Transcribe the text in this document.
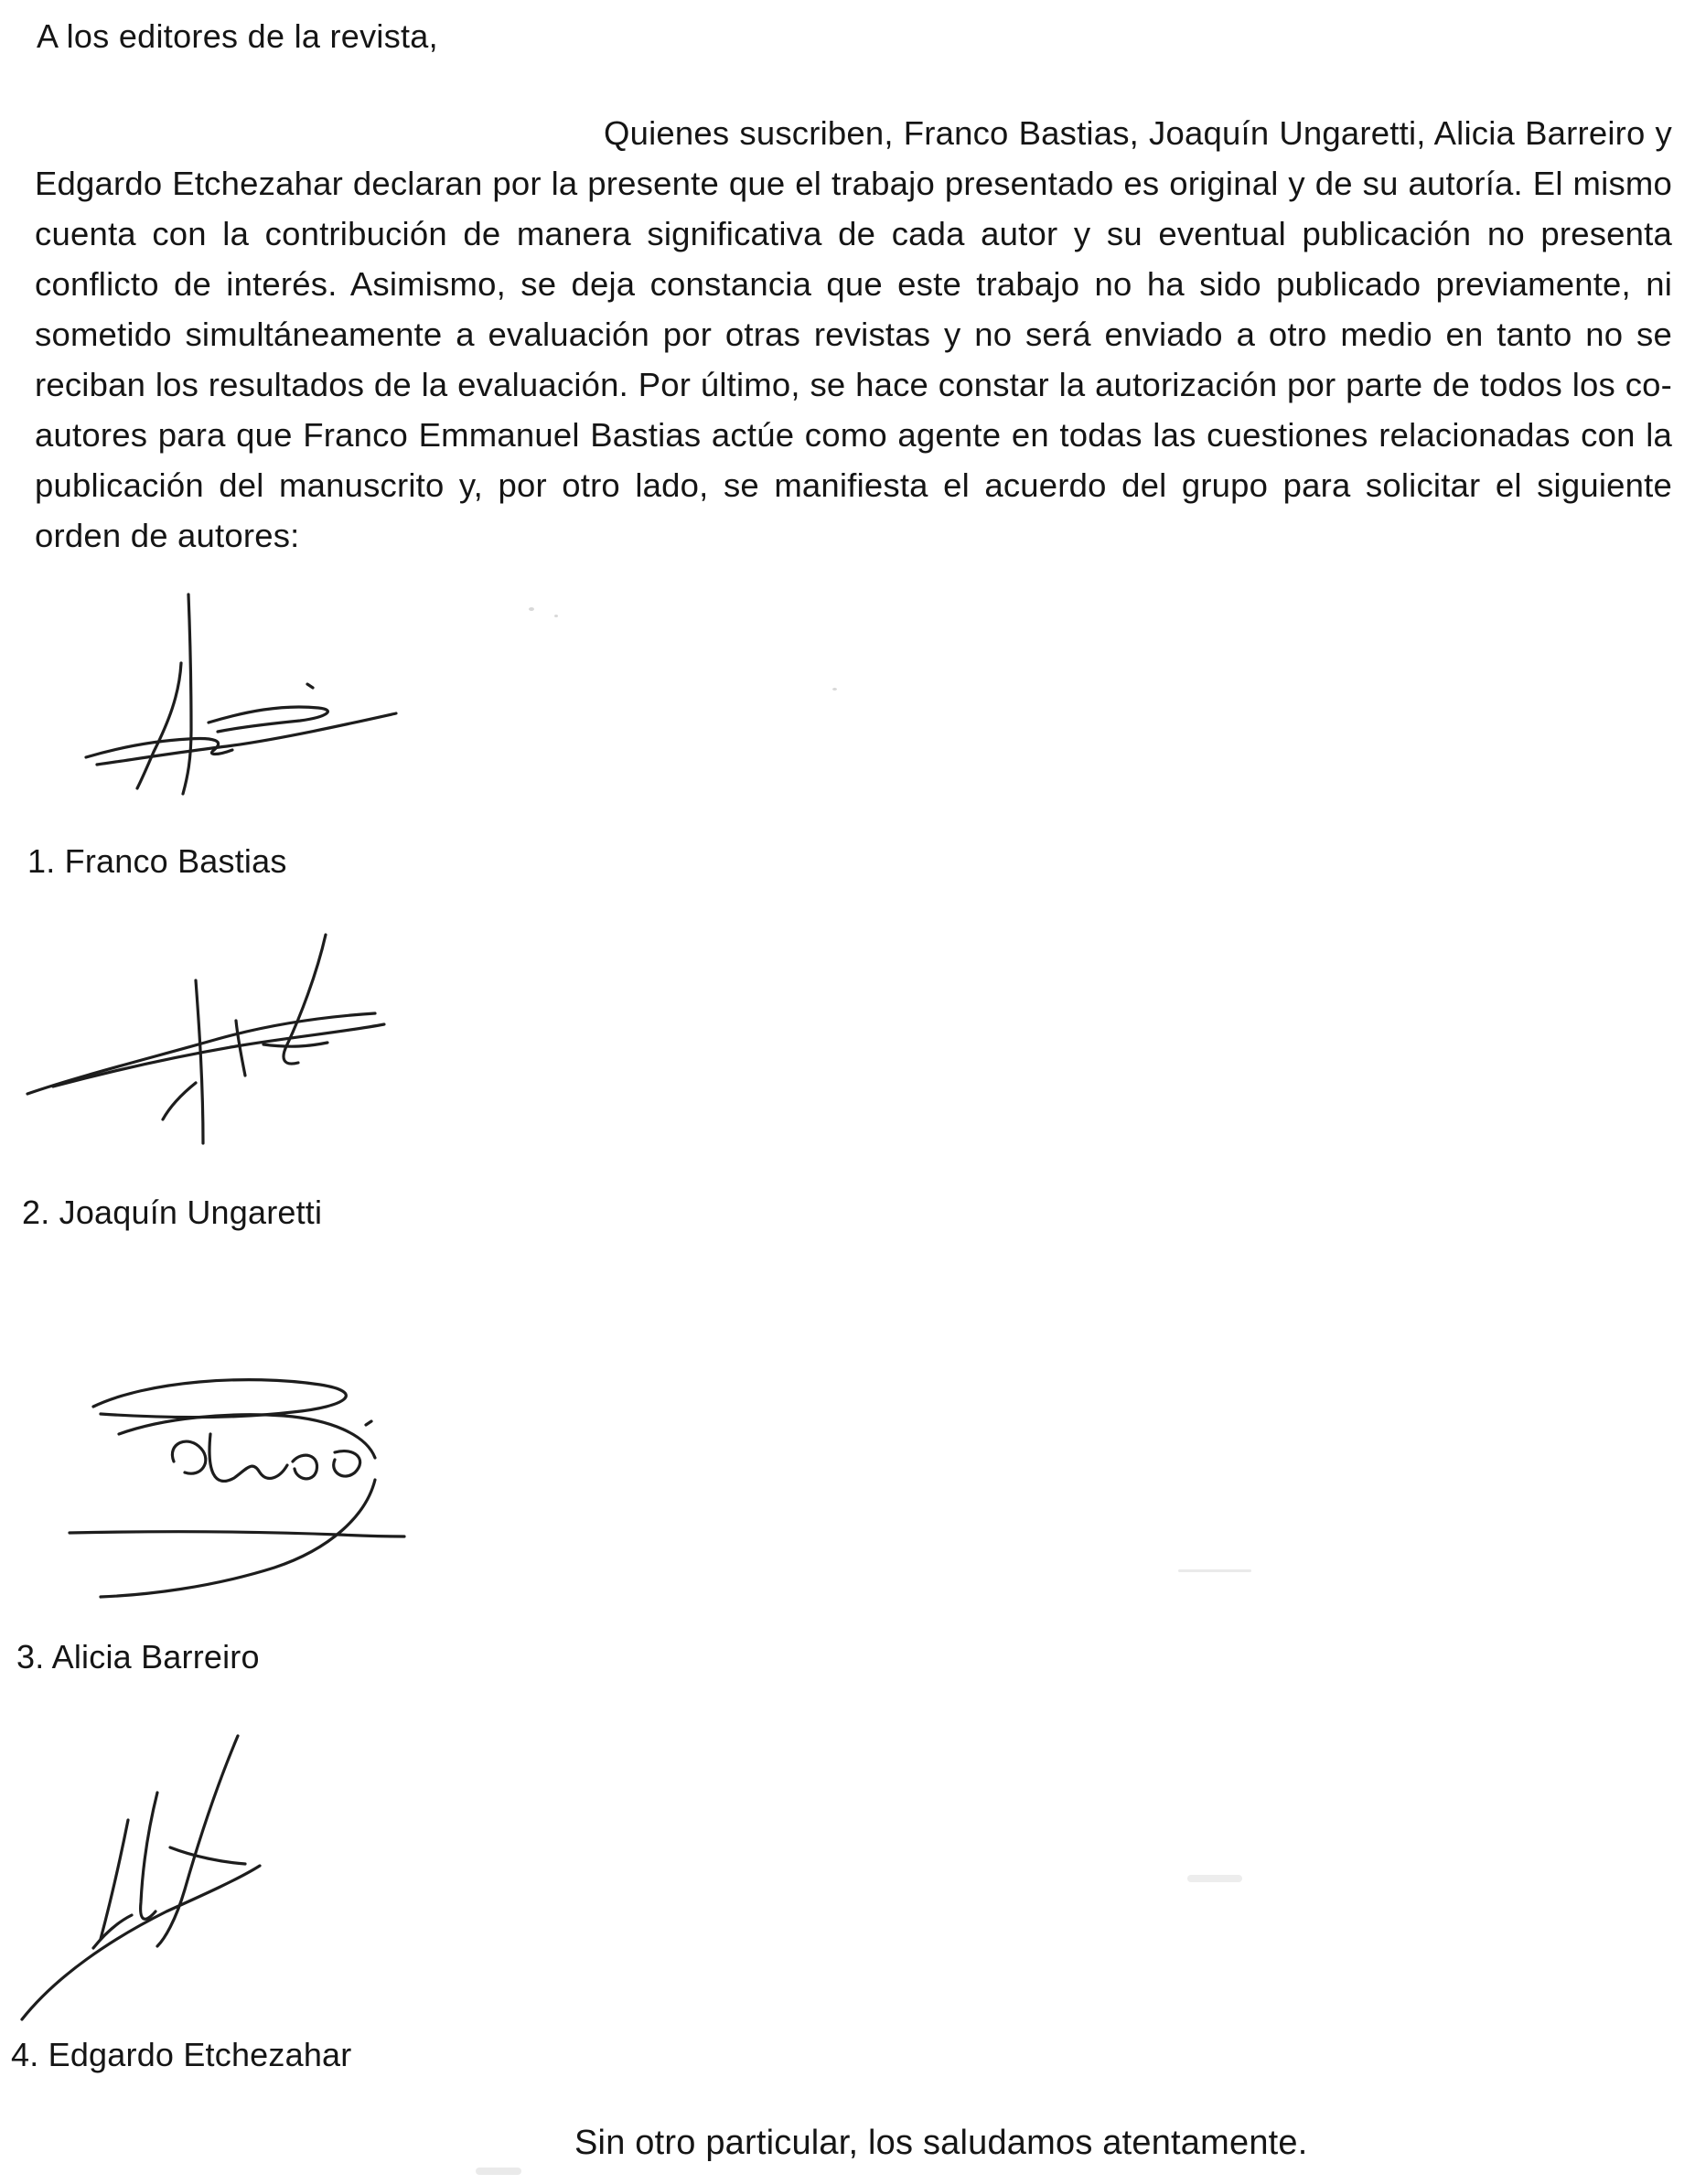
A los editores de la revista,

Quienes suscriben, Franco Bastias, Joaquín Ungaretti, Alicia Barreiro y Edgardo Etchezahar declaran por la presente que el trabajo presentado es original y de su autoría. El mismo cuenta con la contribución de manera significativa de cada autor y su eventual publicación no presenta conflicto de interés. Asimismo, se deja constancia que este trabajo no ha sido publicado previamente, ni sometido simultáneamente a evaluación por otras revistas y no será enviado a otro medio en tanto no se reciban los resultados de la evaluación. Por último, se hace constar la autorización por parte de todos los co-autores para que Franco Emmanuel Bastias actúe como agente en todas las cuestiones relacionadas con la publicación del manuscrito y, por otro lado, se manifiesta el acuerdo del grupo para solicitar el siguiente orden de autores:

1. Franco Bastias
2. Joaquín Ungaretti
3. Alicia Barreiro
4. Edgardo Etchezahar
Sin otro particular, los saludamos atentamente.
